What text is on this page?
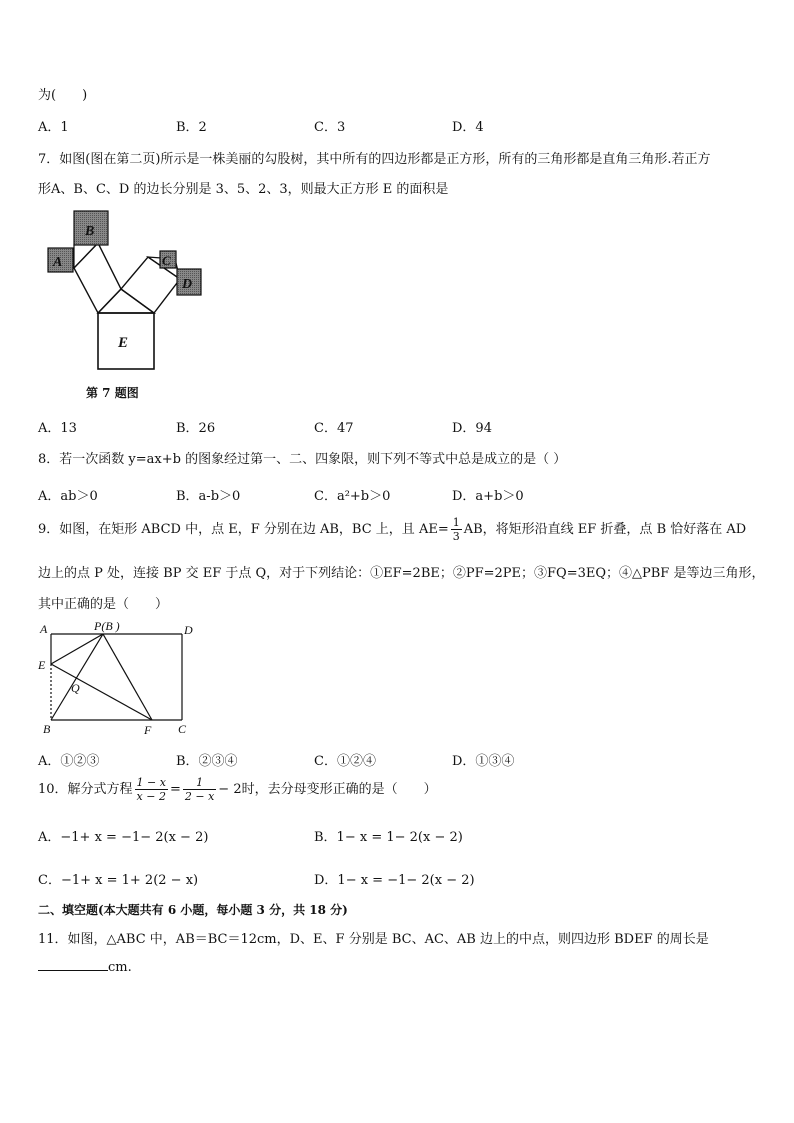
为(　　)
A．1	B．2	C．3	D．4
7．如图(图在第二页)所示是一株美丽的勾股树，其中所有的四边形都是正方形，所有的三角形都是直角三角形.若正方
形A、B、C、D 的边长分别是 3、5、2、3，则最大正方形 E 的面积是
B
A	C
D
E
第 7 题图
A．13	B．26	C．47	D．94
8．若一次函数 y=ax+b 的图象经过第一、二、四象限，则下列不等式中总是成立的是（ ）
A．ab＞0	B．a-b＞0	C．a²+b＞0	D．a+b＞0
9．如图，在矩形 ABCD 中，点 E，F 分别在边 AB，BC 上，且 $AE= \frac{1}{3}$ AB，将矩形沿直线 EF 折叠，点 B 恰好落在 AD
边上的点 P 处，连接 BP 交 EF 于点 Q，对于下列结论：①EF=2BE；②PF=2PE；③FQ=3EQ；④△PBF 是等边三角形，
其中正确的是（　　）
A	P(B )	D
E
Q
B	F C
A．①②③	B．②③④	C．①②④	D．①③④
10．解分式方程 $\frac{1 - x}{x - 2} = \frac{1}{2 - x} - 2$时，去分母变形正确的是（　　）
A．−1+ x = −1− 2(x − 2)	B．1− x = 1− 2(x − 2)
C．−1+ x = 1+ 2(2 − x)	D．1− x = −1− 2(x − 2)
二、填空题(本大题共有 6 小题，每小题 3 分，共 18 分)
11．如图，△ABC 中，AB＝BC＝12cm，D、E、F 分别是 BC、AC、AB 边上的中点，则四边形 BDEF 的周长是
cm.
